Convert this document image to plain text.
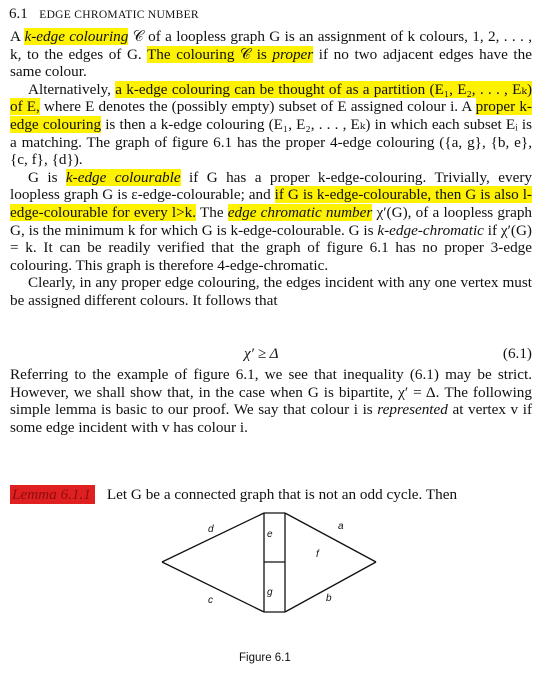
6.1 EDGE CHROMATIC NUMBER

A k-edge colouring 𝒞 of a loopless graph G is an assignment of k colours, 1, 2, . . . , k, to the edges of G. The colouring 𝒞 is proper if no two adjacent edges have the same colour.

Alternatively, a k-edge colouring can be thought of as a partition (E₁, E₂, . . . , Eₖ) of E, where E denotes the (possibly empty) subset of E assigned colour i. A proper k-edge colouring is then a k-edge colouring (E₁, E₂, . . . , Eₖ) in which each subset Eᵢ is a matching. The graph of figure 6.1 has the proper 4-edge colouring ({a, g}, {b, e}, {c, f}, {d}).

G is k-edge colourable if G has a proper k-edge-colouring. Trivially, every loopless graph G is ε-edge-colourable; and if G is k-edge-colourable, then G is also l-edge-colourable for every l>k. The edge chromatic number χ′(G), of a loopless graph G, is the minimum k for which G is k-edge-colourable. G is k-edge-chromatic if χ′(G) = k. It can be readily verified that the graph of figure 6.1 has no proper 3-edge colouring. This graph is therefore 4-edge-chromatic.

Clearly, in any proper edge colouring, the edges incident with any one vertex must be assigned different colours. It follows that

χ′ ≥ Δ	(6.1)

Referring to the example of figure 6.1, we see that inequality (6.1) may be strict. However, we shall show that, in the case when G is bipartite, χ′ = Δ. The following simple lemma is basic to our proof. We say that colour i is represented at vertex v if some edge incident with v has colour i.

Lemma 6.1.1 Let G be a connected graph that is not an odd cycle. Then
d	e
a
f
g
c	b
Figure 6.1
